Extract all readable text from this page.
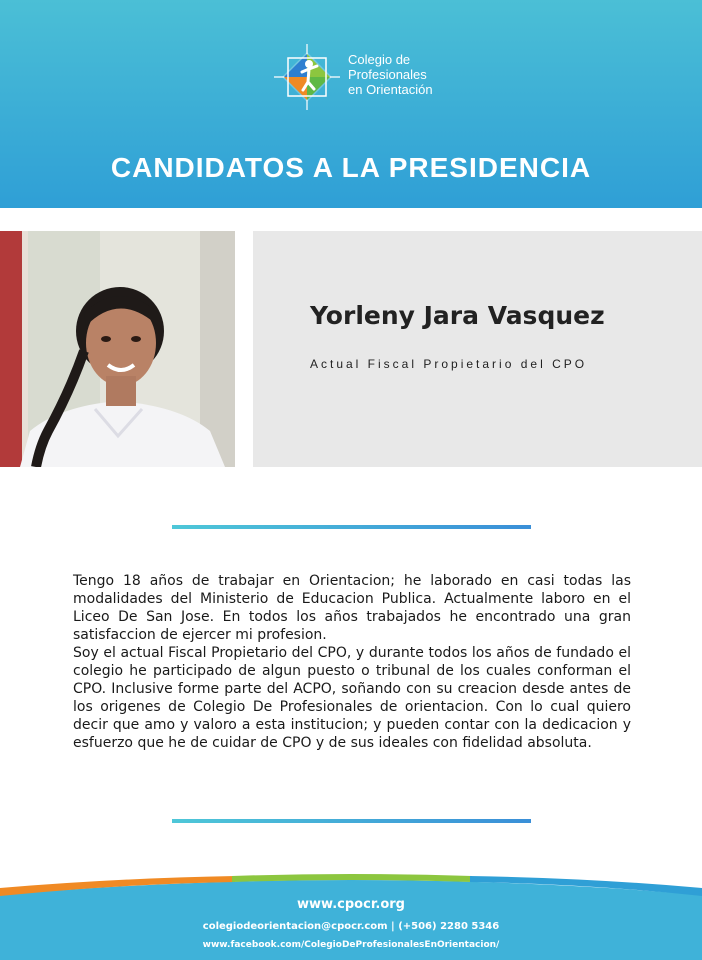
Colegio de
Profesionales
en Orientación
CANDIDATOS A LA PRESIDENCIA
Yorleny Jara Vasquez
Actual Fiscal Propietario del CPO

Tengo 18 años de trabajar en Orientacion; he laborado en casi todas las modalidades del Ministerio de Educacion Publica. Actualmente laboro en el Liceo De San Jose. En todos los años trabajados he encontrado una gran satisfaccion de ejercer mi profesion.

Soy el actual Fiscal Propietario del CPO, y durante todos los años de fundado el colegio he participado de algun puesto o tribunal de los cuales conforman el CPO. Inclusive forme parte del ACPO, soñando con su creacion desde antes de los origenes de Colegio De Profesionales de orientacion. Con lo cual quiero decir que amo y valoro a esta institucion; y pueden contar con la dedicacion y esfuerzo que he de cuidar de CPO y de sus ideales con fidelidad absoluta.

www.cpocr.org
colegiodeorientacion@cpocr.com | (+506) 2280 5346
www.facebook.com/ColegioDeProfesionalesEnOrientacion/
